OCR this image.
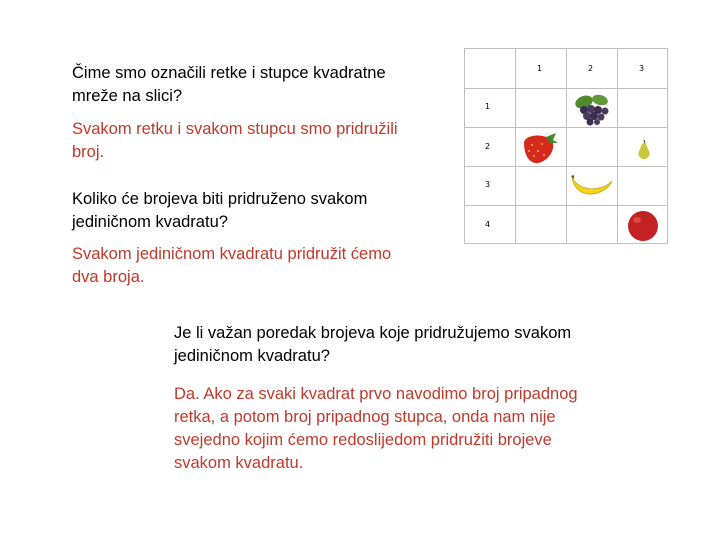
Čime smo označili retke i stupce kvadratne
mreže na slici?
Svakom retku i svakom stupcu smo pridružili
broj.
Koliko će brojeva biti pridruženo svakom
jediničnom kvadratu?
Svakom jediničnom kvadratu pridružit ćemo
dva broja.
Je li važan poredak brojeva koje pridružujemo svakom
jediničnom kvadratu?
Da. Ako za svaki kvadrat prvo navodimo broj pripadnog
retka, a potom broj pripadnog stupca, onda nam nije
svejedno kojim ćemo redoslijedom pridružiti brojeve
svakom kvadratu.
1	2	3
1
2
3
4
